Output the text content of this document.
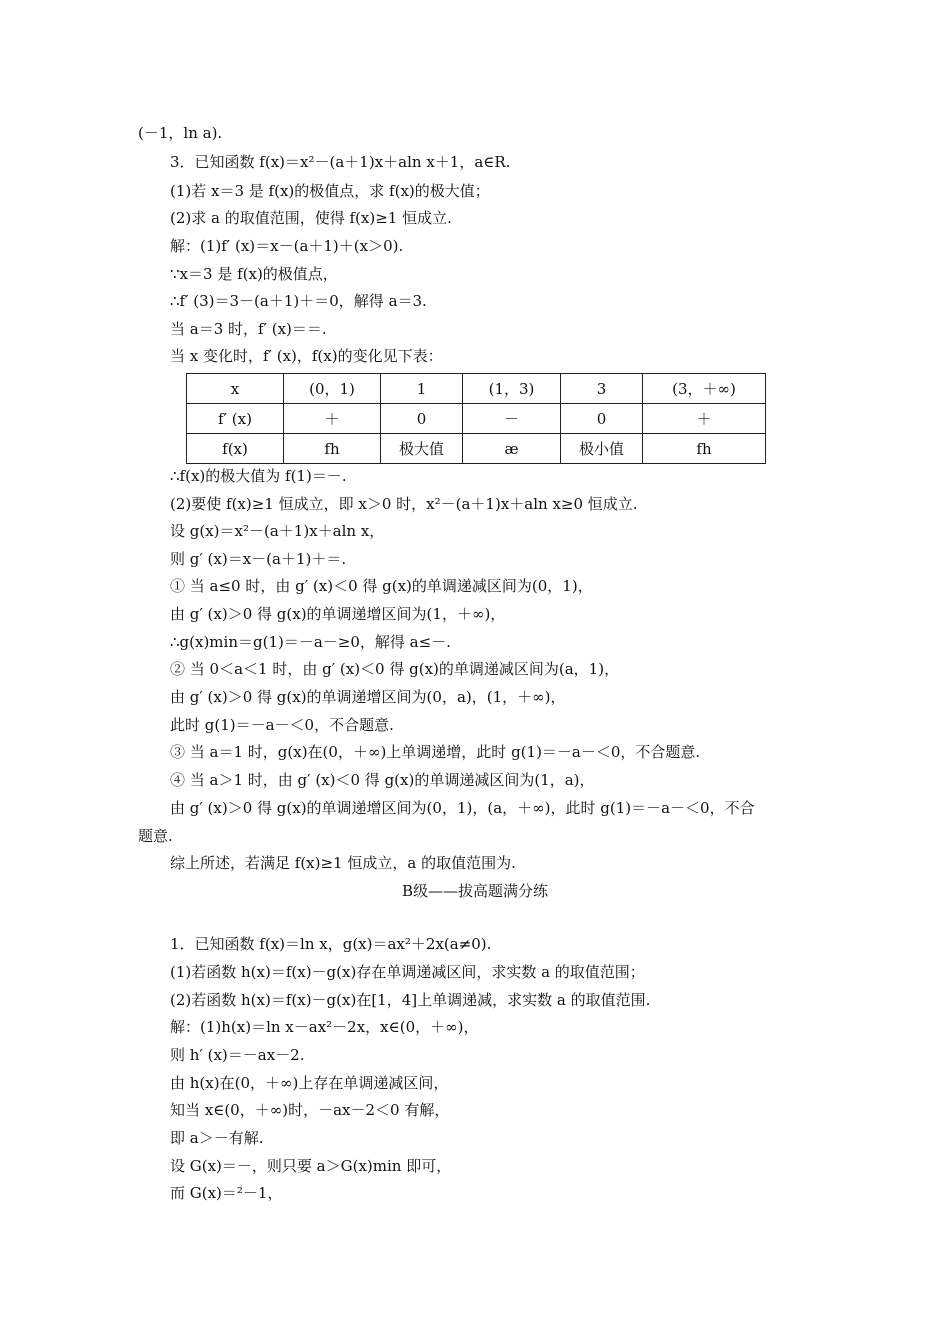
(－1，ln a).
3．已知函数 f(x)＝x²－(a＋1)x＋aln x＋1，a∈R.
(1)若 x＝3 是 f(x)的极值点，求 f(x)的极大值；
(2)求 a 的取值范围，使得 f(x)≥1 恒成立.
解：(1)f′ (x)＝x－(a＋1)＋(x＞0).
∵x＝3 是 f(x)的极值点，
∴f′ (3)＝3－(a＋1)＋＝0，解得 a＝3.
当 a＝3 时，f′ (x)＝＝.
当 x 变化时，f′ (x)，f(x)的变化见下表：
x	(0，1)	1	(1，3)	3	(3，＋∞)
f′ (x)	＋	0	－	0	＋
f(x)	fh	极大值	æ	极小值	fh
∴f(x)的极大值为 f(1)＝－.
(2)要使 f(x)≥1 恒成立，即 x＞0 时，x²－(a＋1)x＋aln x≥0 恒成立.
设 g(x)＝x²－(a＋1)x＋aln x，
则 g′ (x)＝x－(a＋1)＋＝.
① 当 a≤0 时，由 g′ (x)＜0 得 g(x)的单调递减区间为(0，1)，
由 g′ (x)＞0 得 g(x)的单调递增区间为(1，＋∞)，
∴g(x)min＝g(1)＝－a－≥0，解得 a≤－.
② 当 0＜a＜1 时，由 g′ (x)＜0 得 g(x)的单调递减区间为(a，1)，
由 g′ (x)＞0 得 g(x)的单调递增区间为(0，a)，(1，＋∞)，
此时 g(1)＝－a－＜0，不合题意.
③ 当 a＝1 时，g(x)在(0，＋∞)上单调递增，此时 g(1)＝－a－＜0，不合题意.
④ 当 a＞1 时，由 g′ (x)＜0 得 g(x)的单调递减区间为(1，a)，
由 g′ (x)＞0 得 g(x)的单调递增区间为(0，1)，(a，＋∞)，此时 g(1)＝－a－＜0，不合
题意.
综上所述，若满足 f(x)≥1 恒成立，a 的取值范围为.
B级——拔高题满分练
1．已知函数 f(x)＝ln x，g(x)＝ax²＋2x(a≠0).
(1)若函数 h(x)＝f(x)－g(x)存在单调递减区间，求实数 a 的取值范围；
(2)若函数 h(x)＝f(x)－g(x)在[1，4]上单调递减，求实数 a 的取值范围.
解：(1)h(x)＝ln x－ax²－2x，x∈(0，＋∞)，
则 h′ (x)＝－ax－2.
由 h(x)在(0，＋∞)上存在单调递减区间，
知当 x∈(0，＋∞)时，－ax－2＜0 有解，
即 a＞－有解.
设 G(x)＝－，则只要 a＞G(x)min 即可，
而 G(x)＝²－1，
